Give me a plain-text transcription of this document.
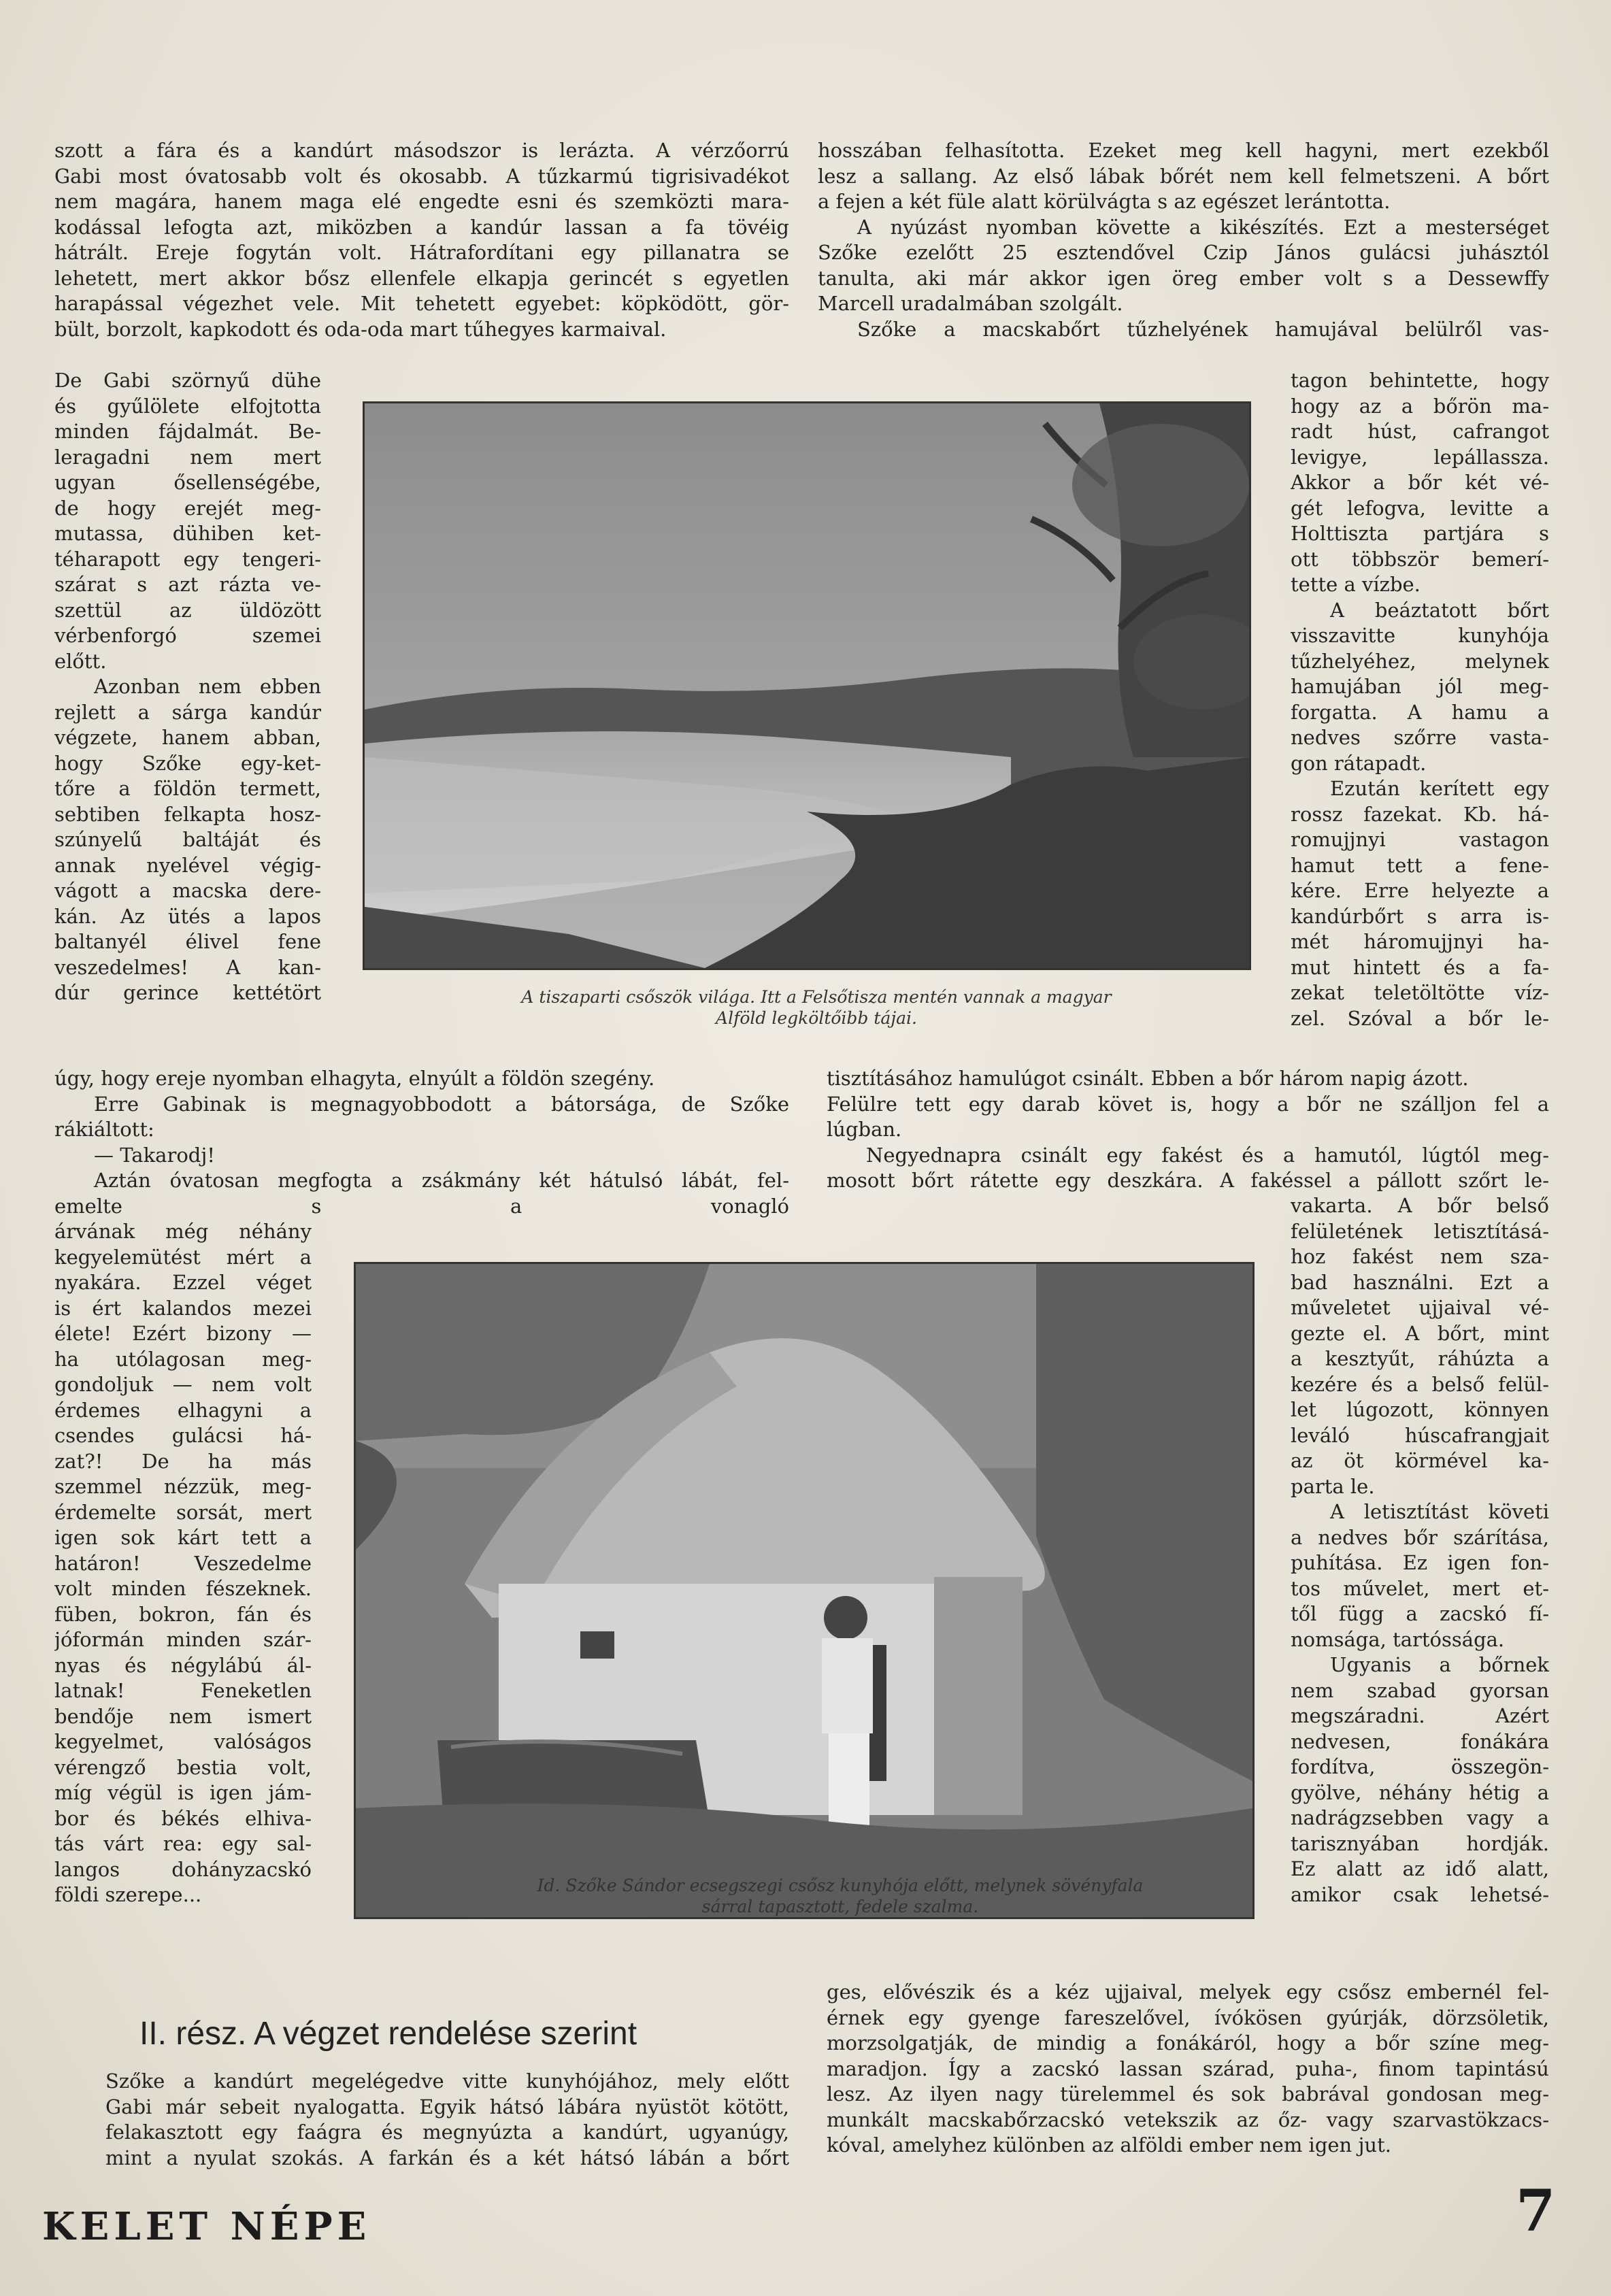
szott a fára és a kandúrt másodszor is lerázta. A vérzőorrú
Gabi most óvatosabb volt és okosabb. A tűzkarmú tigrisivadékot
nem magára, hanem maga elé engedte esni és szemközti mara-
kodással lefogta azt, miközben a kandúr lassan a fa tövéig
hátrált. Ereje fogytán volt. Hátrafordítani egy pillanatra se
lehetett, mert akkor bősz ellenfele elkapja gerincét s egyetlen
harapással végezhet vele. Mit tehetett egyebet: köpködött, gör-
bült, borzolt, kapkodott és oda-oda mart tűhegyes karmaival.
De Gabi szörnyű dühe
és gyűlölete elfojtotta
minden fájdalmát. Be-
leragadni nem mert
ugyan ősellenségébe,
de hogy erejét meg-
mutassa, dühiben ket-
téharapott egy tengeri-
szárat s azt rázta ve-
szettül az üldözött
vérbenforgó szemei
előtt.
Azonban nem ebben
rejlett a sárga kandúr
végzete, hanem abban,
hogy Szőke egy-ket-
tőre a földön termett,
sebtiben felkapta hosz-
szúnyelű baltáját és
annak nyelével végig-
vágott a macska dere-
kán. Az ütés a lapos
baltanyél élivel fene
veszedelmes! A kan-
dúr gerince kettétört
úgy, hogy ereje nyomban elhagyta, elnyúlt a földön szegény.
Erre Gabinak is megnagyobbodott a bátorsága, de Szőke
rákiáltott:
— Takarodj!
Aztán óvatosan megfogta a zsákmány két hátulsó lábát, fel-
emelte s a vonagló
árvának még néhány
kegyelemütést mért a
nyakára. Ezzel véget
is ért kalandos mezei
élete! Ezért bizony —
ha utólagosan meg-
gondoljuk — nem volt
érdemes elhagyni a
csendes gulácsi há-
zat?! De ha más
szemmel nézzük, meg-
érdemelte sorsát, mert
igen sok kárt tett a
határon! Veszedelme
volt minden fészeknek.
füben, bokron, fán és
jóformán minden szár-
nyas és négylábú ál-
latnak! Feneketlen
bendője nem ismert
kegyelmet, valóságos
vérengző bestia volt,
míg végül is igen jám-
bor és békés elhiva-
tás várt rea: egy sal-
langos dohányzacskó
földi szerepe...
Szőke a kandúrt megelégedve vitte kunyhójához, mely előtt
Gabi már sebeit nyalogatta. Egyik hátsó lábára nyüstöt kötött,
felakasztott egy faágra és megnyúzta a kandúrt, ugyanúgy,
mint a nyulat szokás. A farkán és a két hátsó lábán a bőrt
hosszában felhasította. Ezeket meg kell hagyni, mert ezekből
lesz a sallang. Az első lábak bőrét nem kell felmetszeni. A bőrt
a fejen a két füle alatt körülvágta s az egészet lerántotta.
A nyúzást nyomban követte a kikészítés. Ezt a mesterséget
Szőke ezelőtt 25 esztendővel Czip János gulácsi juhásztól
tanulta, aki már akkor igen öreg ember volt s a Dessewffy
Marcell uradalmában szolgált.
Szőke a macskabőrt tűzhelyének hamujával belülről vas-
tagon behintette, hogy
hogy az a bőrön ma-
radt húst, cafrangot
levigye, lepállassza.
Akkor a bőr két vé-
gét lefogva, levitte a
Holttiszta partjára s
ott többször bemerí-
tette a vízbe.
A beáztatott bőrt
visszavitte kunyhója
tűzhelyéhez, melynek
hamujában jól meg-
forgatta. A hamu a
nedves szőrre vasta-
gon rátapadt.
Ezután kerített egy
rossz fazekat. Kb. há-
romujjnyi vastagon
hamut tett a fene-
kére. Erre helyezte a
kandúrbőrt s arra is-
mét háromujjnyi ha-
mut hintett és a fa-
zekat teletöltötte víz-
zel. Szóval a bőr le-
tisztításához hamulúgot csinált. Ebben a bőr három napig ázott.
Felülre tett egy darab követ is, hogy a bőr ne szálljon fel a
lúgban.
Negyednapra csinált egy fakést és a hamutól, lúgtól meg-
mosott bőrt rátette egy deszkára. A fakéssel a pállott szőrt le-
vakarta. A bőr belső
felületének letisztításá-
hoz fakést nem sza-
bad használni. Ezt a
műveletet ujjaival vé-
gezte el. A bőrt, mint
a kesztyűt, ráhúzta a
kezére és a belső felül-
let lúgozott, könnyen
leváló húscafrangjait
az öt körmével ka-
parta le.
A letisztítást követi
a nedves bőr szárítása,
puhítása. Ez igen fon-
tos művelet, mert et-
től függ a zacskó fí-
nomsága, tartóssága.
Ugyanis a bőrnek
nem szabad gyorsan
megszáradni. Azért
nedvesen, fonákára
fordítva, összegön-
gyölve, néhány hétig a
nadrágzsebben vagy a
tarisznyában hordják.
Ez alatt az idő alatt,
amikor csak lehetsé-
ges, elővészik és a kéz ujjaival, melyek egy csősz embernél fel-
érnek egy gyenge fareszelővel, ívókösen gyúrják, dörzsöletik,
morzsolgatják, de mindig a fonákáról, hogy a bőr színe meg-
maradjon. Így a zacskó lassan szárad, puha-, finom tapintású
lesz. Az ilyen nagy türelemmel és sok babrával gondosan meg-
munkált macskabőrzacskó vetekszik az őz- vagy szarvastökzacs-
kóval, amelyhez különben az alföldi ember nem igen jut.
A tiszaparti csőszök világa. Itt a Felsőtisza mentén vannak a magyar
Alföld legköltőibb tájai.
Id. Szőke Sándor ecsegszegi csősz kunyhója előtt, melynek sövényfala
sárral tapasztott, fedele szalma.
II. rész. A végzet rendelése szerint
KELET NÉPE	7
